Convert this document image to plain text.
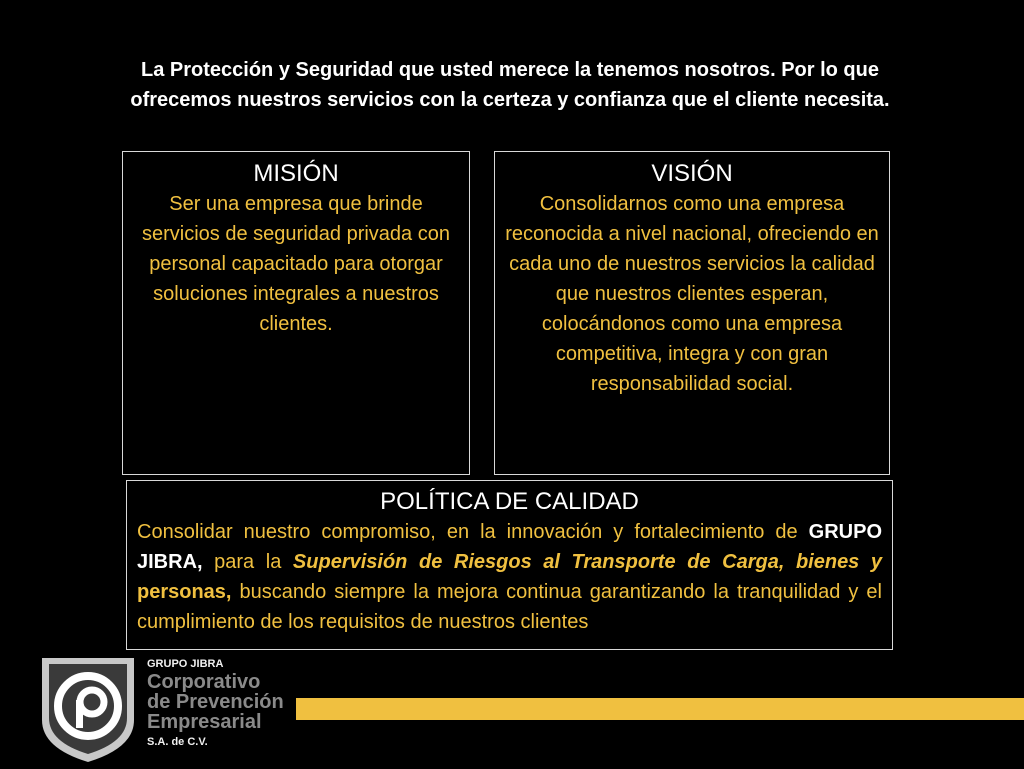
La Protección y Seguridad que usted merece la tenemos nosotros. Por lo que ofrecemos nuestros servicios con la certeza y confianza que el cliente necesita.
MISIÓN

Ser una empresa que brinde servicios de seguridad privada con personal capacitado para otorgar soluciones integrales a nuestros clientes.

VISIÓN

Consolidarnos como una empresa reconocida a nivel nacional, ofreciendo en cada uno de nuestros servicios la calidad que nuestros clientes esperan, colocándonos como una empresa competitiva, integra y con gran responsabilidad social.

POLÍTICA DE CALIDAD

Consolidar nuestro compromiso, en la innovación y fortalecimiento de GRUPO JIBRA, para la Supervisión de Riesgos al Transporte de Carga, bienes y personas, buscando siempre la mejora continua garantizando la tranquilidad y el cumplimiento de los requisitos de nuestros clientes

GRUPO JIBRA
Corporativo
de Prevención
Empresarial
S.A. de C.V.
